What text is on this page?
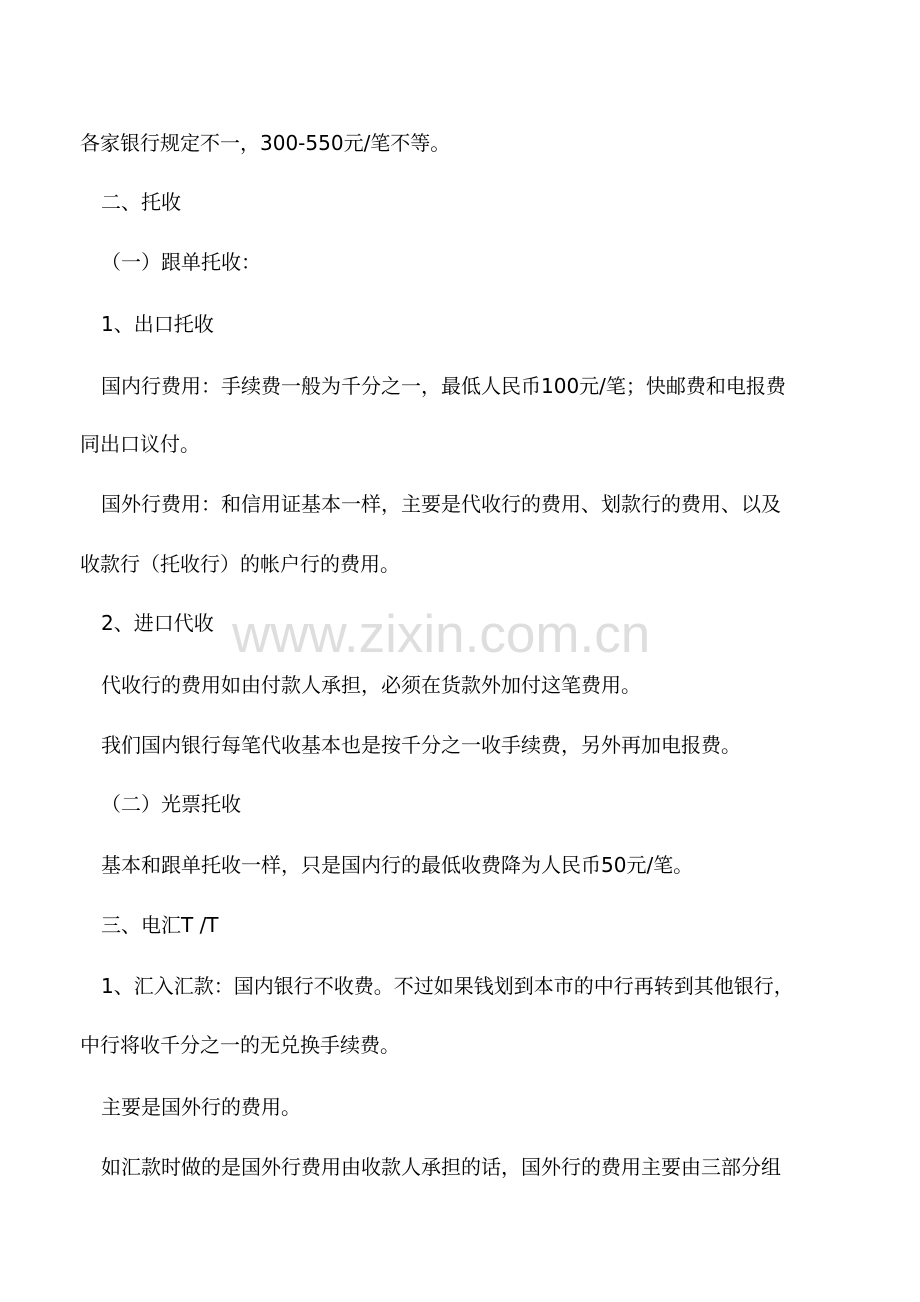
www.zixin.com.cn
各家银行规定不一，300-550元/笔不等。
二、托收
（一）跟单托收：
1、出口托收
国内行费用：手续费一般为千分之一，最低人民币100元/笔；快邮费和电报费
同出口议付。
国外行费用：和信用证基本一样，主要是代收行的费用、划款行的费用、以及
收款行（托收行）的帐户行的费用。
2、进口代收
代收行的费用如由付款人承担，必须在货款外加付这笔费用。
我们国内银行每笔代收基本也是按千分之一收手续费，另外再加电报费。
（二）光票托收
基本和跟单托收一样，只是国内行的最低收费降为人民币50元/笔。
三、电汇T /T
1、汇入汇款：国内银行不收费。不过如果钱划到本市的中行再转到其他银行，
中行将收千分之一的无兑换手续费。
主要是国外行的费用。
如汇款时做的是国外行费用由收款人承担的话，国外行的费用主要由三部分组
